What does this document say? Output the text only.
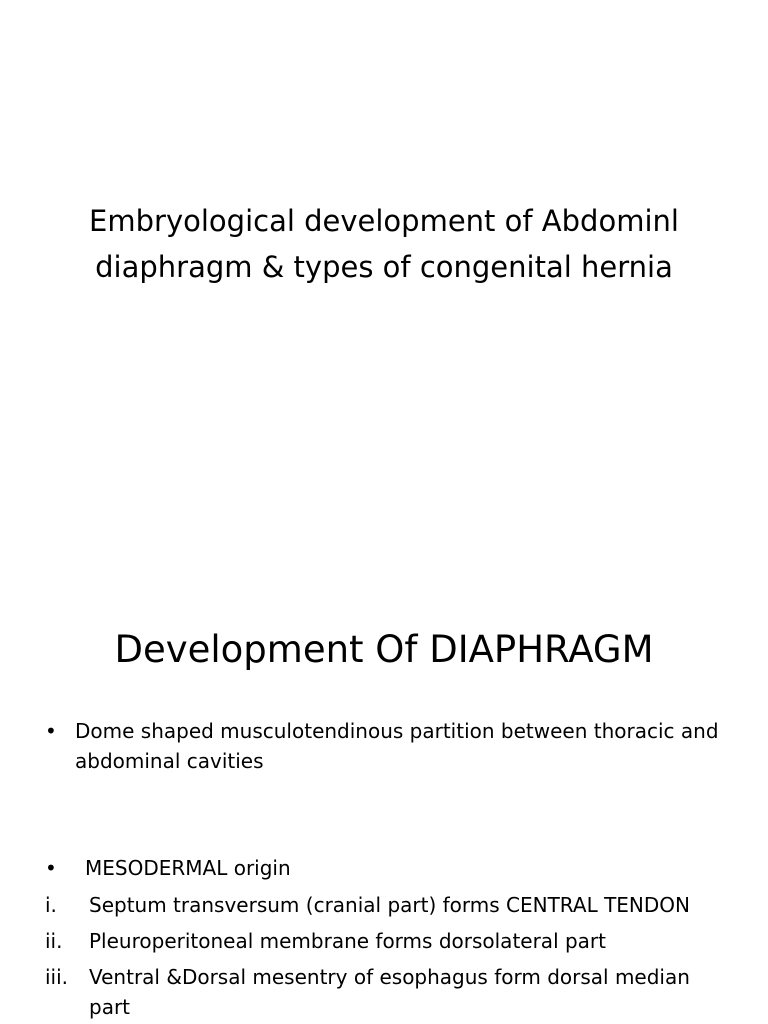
Embryological development of Abdominl
diaphragm & types of congenital hernia
Development Of DIAPHRAGM
• Dome shaped musculotendinous partition between thoracic and abdominal cavities
•	MESODERMAL origin
i.	Septum transversum (cranial part) forms CENTRAL TENDON
ii.	Pleuroperitoneal membrane forms dorsolateral part
iii.	Ventral &Dorsal mesentry of esophagus form dorsal median part
